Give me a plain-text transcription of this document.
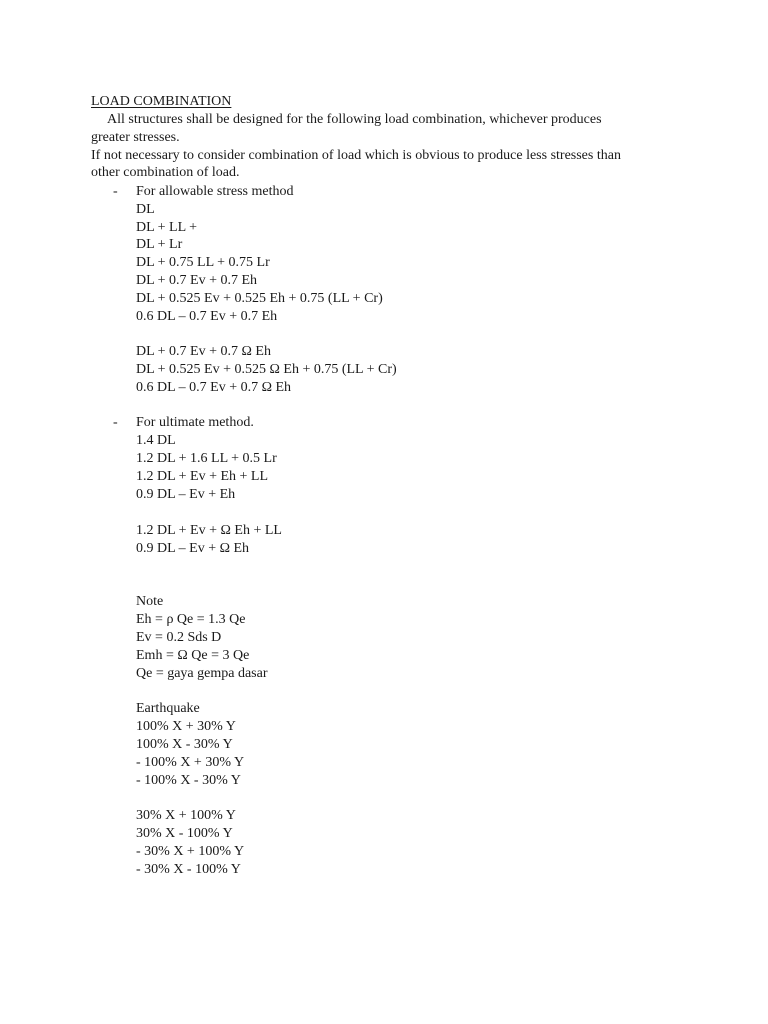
LOAD COMBINATION
All structures shall be designed for the following load combination, whichever produces
greater stresses.
If not necessary to consider combination of load which is obvious to produce less stresses than
other combination of load.
- For allowable stress method
DL
DL + LL +
DL + Lr
DL + 0.75 LL + 0.75 Lr
DL + 0.7 Ev + 0.7 Eh
DL + 0.525 Ev + 0.525 Eh + 0.75 (LL + Cr)
0.6 DL – 0.7 Ev + 0.7 Eh
DL + 0.7 Ev + 0.7 Ω Eh
DL + 0.525 Ev + 0.525 Ω Eh + 0.75 (LL + Cr)
0.6 DL – 0.7 Ev + 0.7 Ω Eh
- For ultimate method.
1.4 DL
1.2 DL + 1.6 LL + 0.5 Lr
1.2 DL + Ev + Eh + LL
0.9 DL – Ev + Eh
1.2 DL + Ev + Ω Eh + LL
0.9 DL – Ev + Ω Eh
Note
Eh = ρ Qe = 1.3 Qe
Ev = 0.2 Sds D
Emh = Ω Qe = 3 Qe
Qe = gaya gempa dasar
Earthquake
100% X + 30% Y
100% X - 30% Y
- 100% X + 30% Y
- 100% X - 30% Y
30% X + 100% Y
30% X - 100% Y
- 30% X + 100% Y
- 30% X - 100% Y
